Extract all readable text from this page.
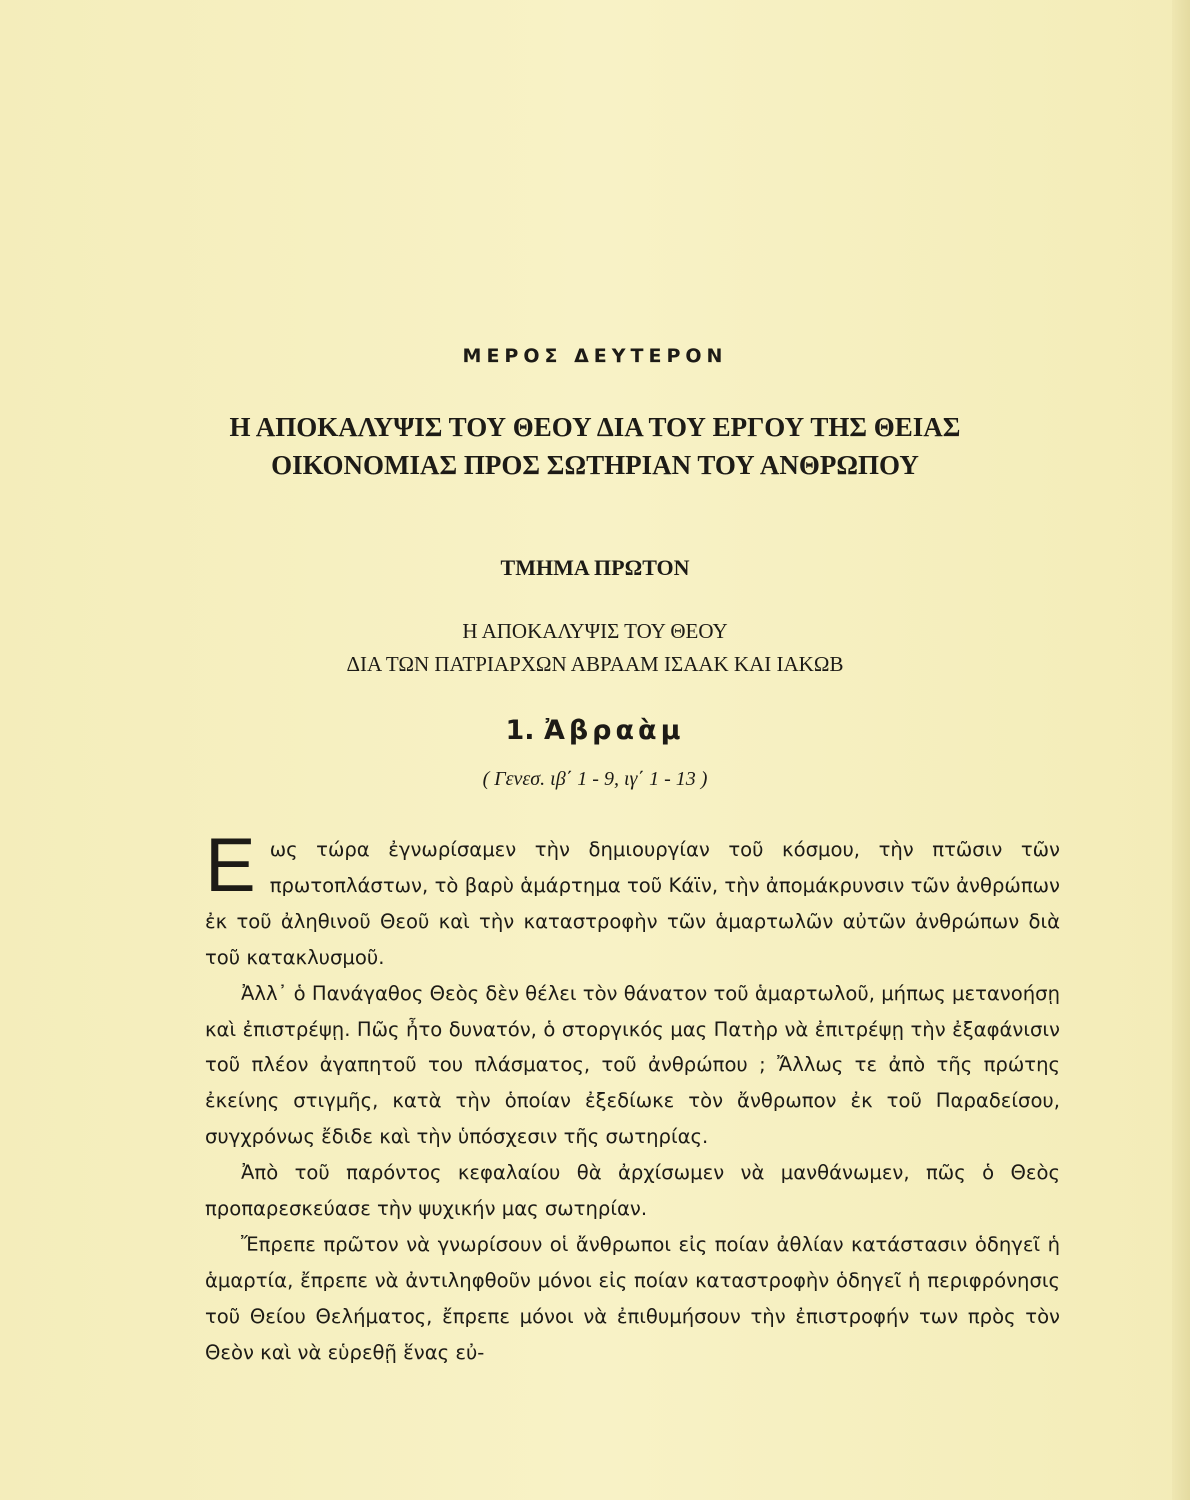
ΜΕΡΟΣ ΔΕΥΤΕΡΟΝ
Η ΑΠΟΚΑΛΥΨΙΣ ΤΟΥ ΘΕΟΥ ΔΙΑ ΤΟΥ ΕΡΓΟΥ ΤΗΣ ΘΕΙΑΣ
ΟΙΚΟΝΟΜΙΑΣ ΠΡΟΣ ΣΩΤΗΡΙΑΝ ΤΟΥ ΑΝΘΡΩΠΟΥ
ΤΜΗΜΑ ΠΡΩΤΟΝ
Η ΑΠΟΚΑΛΥΨΙΣ ΤΟΥ ΘΕΟΥ
ΔΙΑ ΤΩΝ ΠΑΤΡΙΑΡΧΩΝ ΑΒΡΑΑΜ ΙΣΑΑΚ ΚΑΙ ΙΑΚΩΒ
1. Ἀβραὰμ
( Γενεσ. ιβ΄ 1 - 9, ιγ΄ 1 - 13 )

Εως τώρα ἐγνωρίσαμεν τὴν δημιουργίαν τοῦ κόσμου, τὴν πτῶσιν τῶν πρωτοπλάστων, τὸ βαρὺ ἁμάρτημα τοῦ Κάϊν, τὴν ἀπομάκρυνσιν τῶν ἀνθρώπων ἐκ τοῦ ἀληθινοῦ Θεοῦ καὶ τὴν καταστροφὴν τῶν ἁμαρτωλῶν αὐτῶν ἀνθρώπων διὰ τοῦ κατακλυσμοῦ.

Ἀλλ᾽ ὁ Πανάγαθος Θεὸς δὲν θέλει τὸν θάνατον τοῦ ἁμαρτωλοῦ, μήπως μετανοήσῃ καὶ ἐπιστρέψῃ. Πῶς ἦτο δυνατόν, ὁ στοργικός μας Πατὴρ νὰ ἐπιτρέψῃ τὴν ἐξαφάνισιν τοῦ πλέον ἀγαπητοῦ του πλάσματος, τοῦ ἀνθρώπου ; Ἄλλως τε ἀπὸ τῆς πρώτης ἐκείνης στιγμῆς, κατὰ τὴν ὁποίαν ἐξεδίωκε τὸν ἄνθρωπον ἐκ τοῦ Παραδείσου, συγχρόνως ἔδιδε καὶ τὴν ὑπόσχεσιν τῆς σωτηρίας.

Ἀπὸ τοῦ παρόντος κεφαλαίου θὰ ἀρχίσωμεν νὰ μανθάνωμεν, πῶς ὁ Θεὸς προπαρεσκεύασε τὴν ψυχικήν μας σωτηρίαν.

Ἔπρεπε πρῶτον νὰ γνωρίσουν οἱ ἄνθρωποι εἰς ποίαν ἀθλίαν κατάστασιν ὁδηγεῖ ἡ ἁμαρτία, ἔπρεπε νὰ ἀντιληφθοῦν μόνοι εἰς ποίαν καταστροφὴν ὁδηγεῖ ἡ περιφρόνησις τοῦ Θείου Θελήματος, ἔπρεπε μόνοι νὰ ἐπιθυμήσουν τὴν ἐπιστροφήν των πρὸς τὸν Θεὸν καὶ νὰ εὑρεθῇ ἕνας εὐ-
